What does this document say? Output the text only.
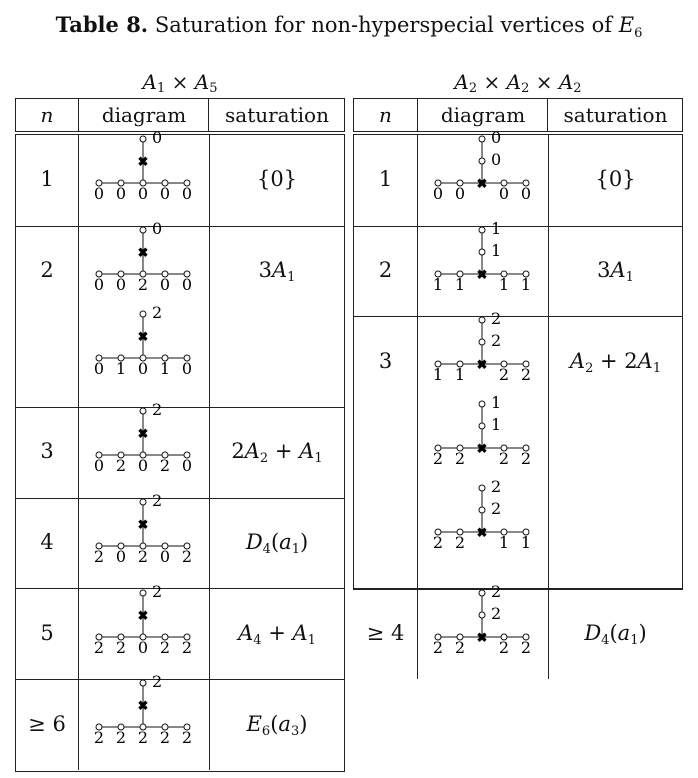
Table 8. Saturation for non-hyperspecial vertices of $E_6$
$A_1 \times A_5$	$A_2 \times A_2 \times A_2$
n diagram saturation	n diagram saturation
1
0
✖
0 0 0 0 0
{0}
2
0
✖
0 0 2 0 0
2
✖
0 1 0 1 0
$3A_1$
3
2
✖
0 2 0 2 0
$2A_2 + A_1$
4
2
✖
2 0 2 0 2
$D_4(a_1)$
5
2
✖
2 2 0 2 2
$A_4 + A_1$
≥ 6
2
✖
2 2 2 2 2
$E_6(a_3)$
1
0
0
✖
0 0 0 0
{0}
2
1
1
✖
1 1 1 1
$3A_1$
3
2
2
✖
1 1 2 2
1
1
✖
2 2 2 2
2
2
✖
2 2 1 1
$A_2 + 2A_1$
≥ 4
2
2
✖
2 2 2 2
$D_4(a_1)$
